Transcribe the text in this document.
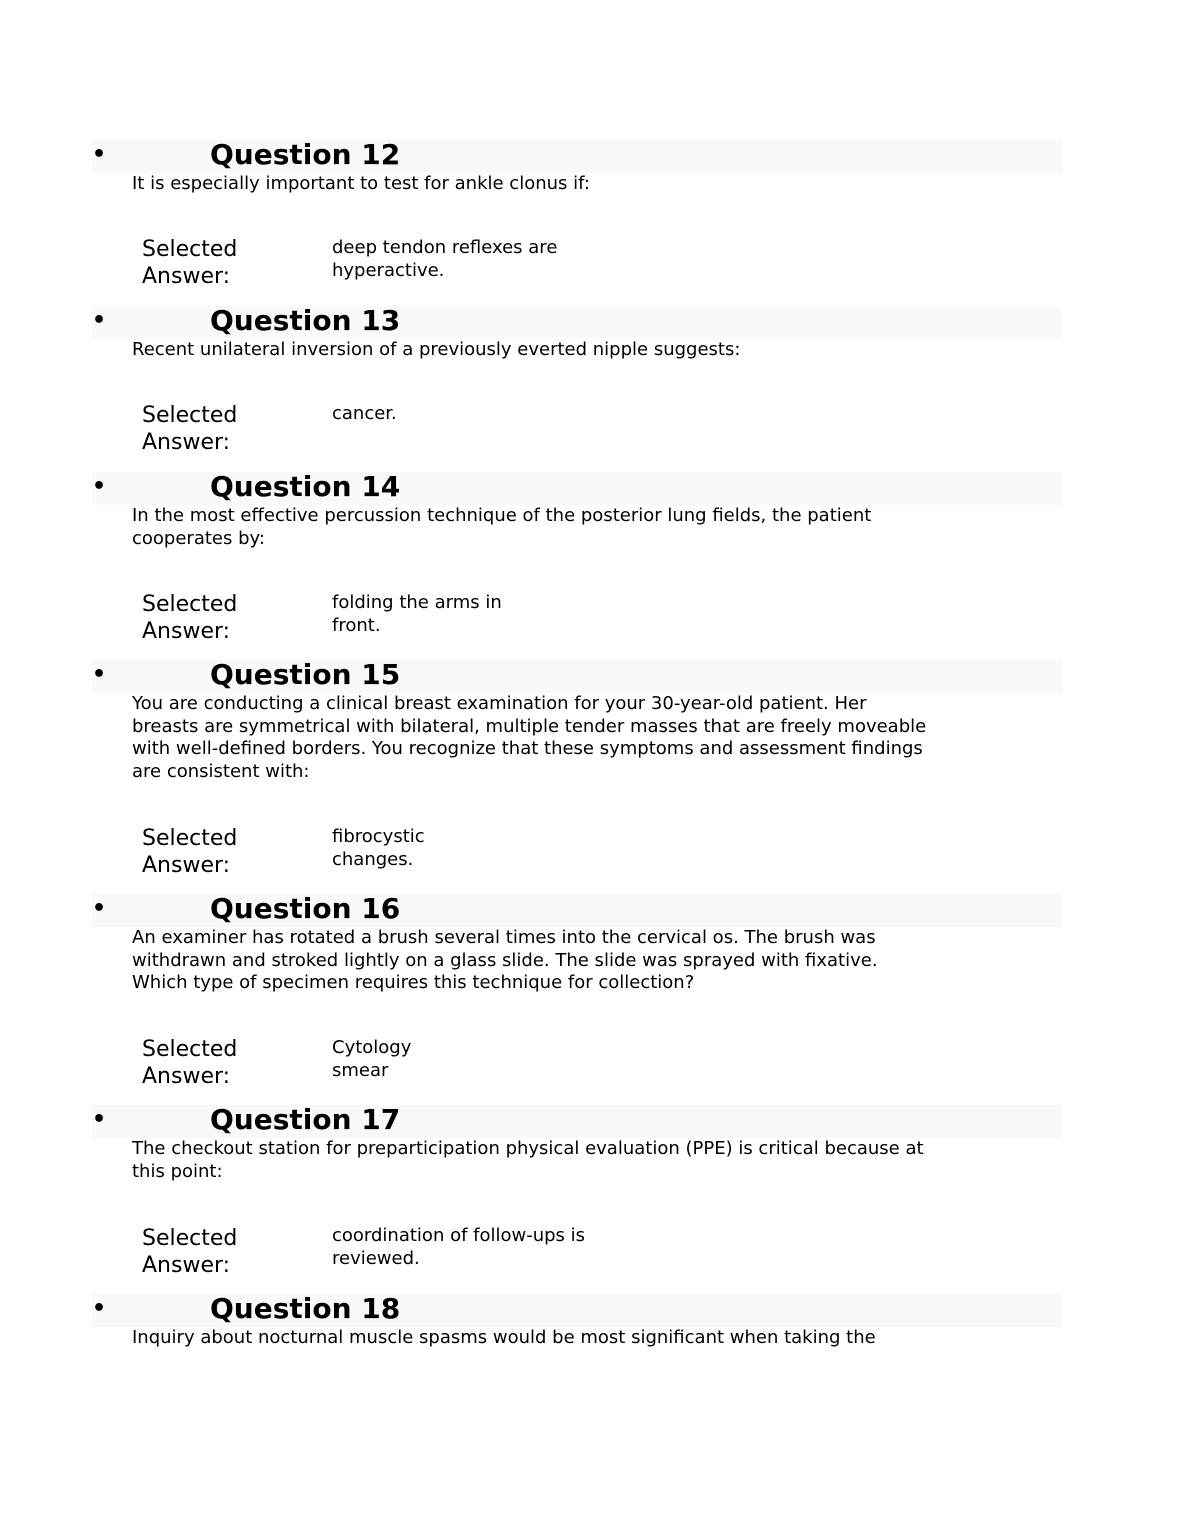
•	Question 12
It is especially important to test for ankle clonus if:
Selected
Answer:
deep tendon reflexes are
hyperactive.
•	Question 13
Recent unilateral inversion of a previously everted nipple suggests:
Selected
Answer:
cancer.
•	Question 14
In the most effective percussion technique of the posterior lung fields, the patient
cooperates by:
Selected
Answer:
folding the arms in
front.
•	Question 15
You are conducting a clinical breast examination for your 30-year-old patient. Her
breasts are symmetrical with bilateral, multiple tender masses that are freely moveable
with well-defined borders. You recognize that these symptoms and assessment findings
are consistent with:
Selected
Answer:
fibrocystic
changes.
•	Question 16
An examiner has rotated a brush several times into the cervical os. The brush was
withdrawn and stroked lightly on a glass slide. The slide was sprayed with fixative.
Which type of specimen requires this technique for collection?
Selected
Answer:
Cytology
smear
•	Question 17
The checkout station for preparticipation physical evaluation (PPE) is critical because at
this point:
Selected
Answer:
coordination of follow-ups is
reviewed.
•	Question 18
Inquiry about nocturnal muscle spasms would be most significant when taking the
